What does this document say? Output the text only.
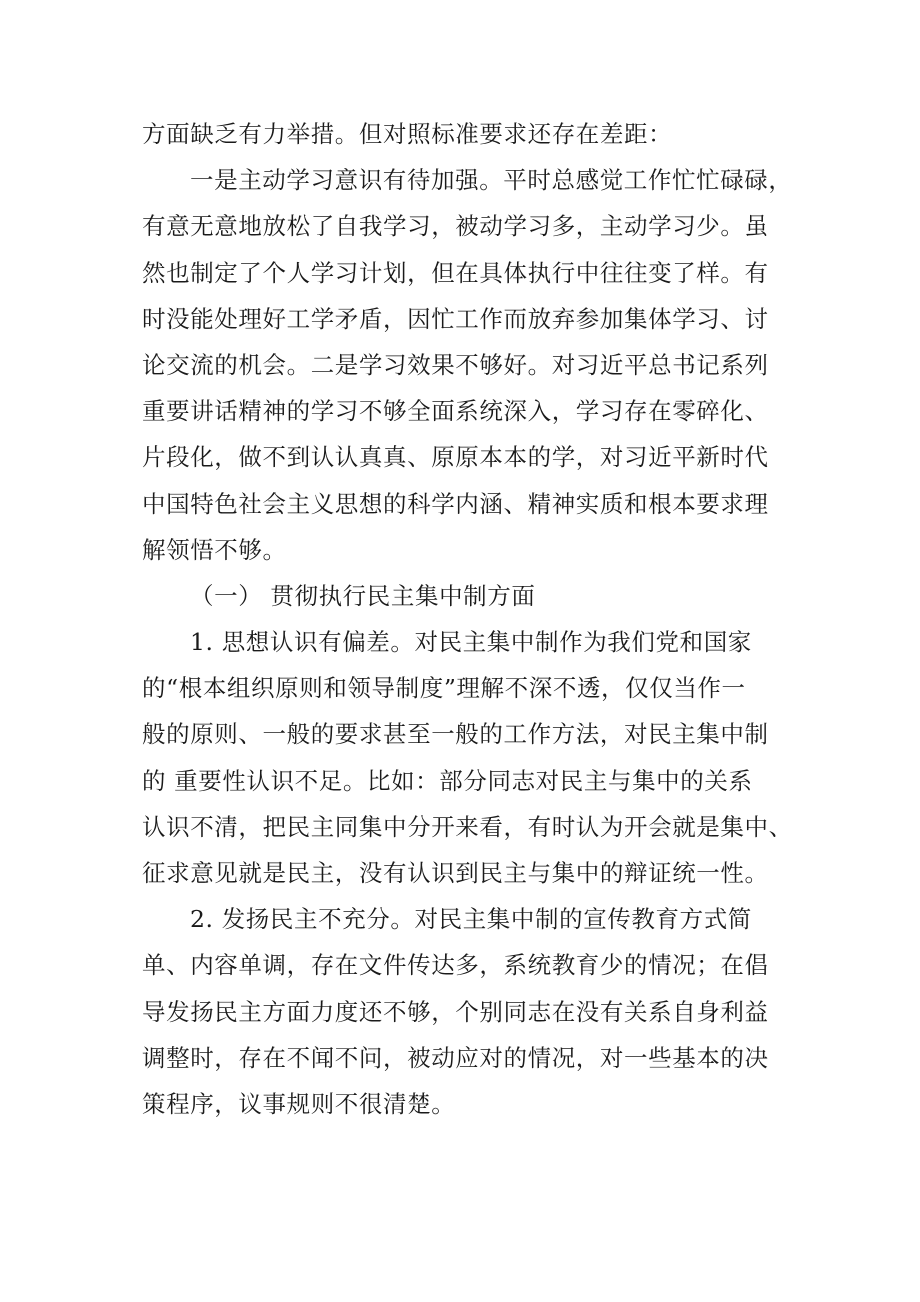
方面缺乏有力举措。但对照标准要求还存在差距：
一是主动学习意识有待加强。平时总感觉工作忙忙碌碌，
有意无意地放松了自我学习，被动学习多，主动学习少。虽
然也制定了个人学习计划，但在具体执行中往往变了样。有
时没能处理好工学矛盾，因忙工作而放弃参加集体学习、讨
论交流的机会。二是学习效果不够好。对习近平总书记系列
重要讲话精神的学习不够全面系统深入，学习存在零碎化、
片段化，做不到认认真真、原原本本的学，对习近平新时代
中国特色社会主义思想的科学内涵、精神实质和根本要求理
解领悟不够。
（一） 贯彻执行民主集中制方面
1. 思想认识有偏差。对民主集中制作为我们党和国家
的“根本组织原则和领导制度”理解不深不透，仅仅当作一
般的原则、一般的要求甚至一般的工作方法，对民主集中制
的 重要性认识不足。比如：部分同志对民主与集中的关系
认识不清，把民主同集中分开来看，有时认为开会就是集中、
征求意见就是民主，没有认识到民主与集中的辩证统一性。
2. 发扬民主不充分。对民主集中制的宣传教育方式简
单、内容单调，存在文件传达多，系统教育少的情况；在倡
导发扬民主方面力度还不够，个别同志在没有关系自身利益
调整时，存在不闻不问，被动应对的情况，对一些基本的决
策程序，议事规则不很清楚。
